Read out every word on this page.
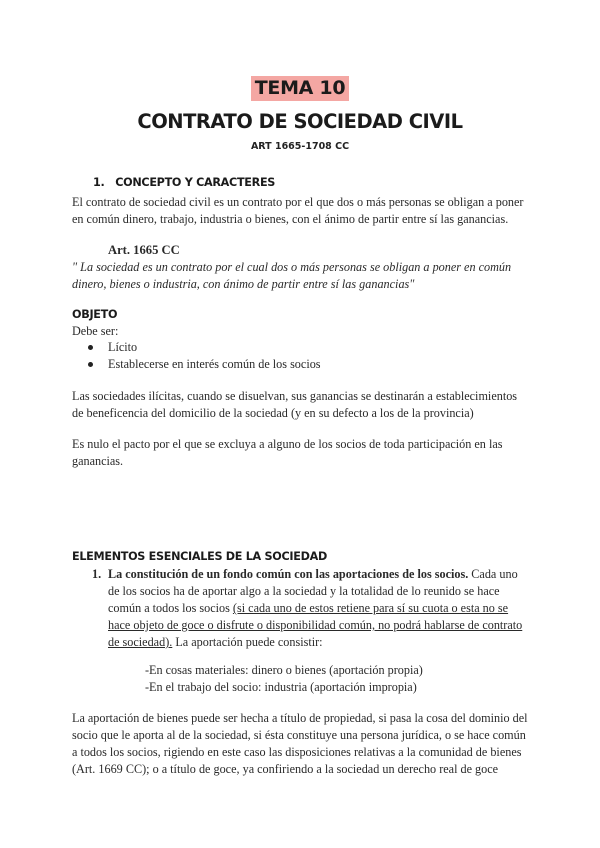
TEMA 10
CONTRATO DE SOCIEDAD CIVIL
ART 1665-1708 CC
1. CONCEPTO Y CARACTERES
El contrato de sociedad civil es un contrato por el que dos o más personas se obligan a poner
en común dinero, trabajo, industria o bienes, con el ánimo de partir entre sí las ganancias.
Art. 1665 CC
" La sociedad es un contrato por el cual dos o más personas se obligan a poner en común
dinero, bienes o industria, con ánimo de partir entre sí las ganancias"
OBJETO
Debe ser:
Lícito
Establecerse en interés común de los socios
Las sociedades ilícitas, cuando se disuelvan, sus ganancias se destinarán a establecimientos
de beneficencia del domicilio de la sociedad (y en su defecto a los de la provincia)
Es nulo el pacto por el que se excluya a alguno de los socios de toda participación en las
ganancias.
ELEMENTOS ESENCIALES DE LA SOCIEDAD
1. La constitución de un fondo común con las aportaciones de los socios. Cada uno
de los socios ha de aportar algo a la sociedad y la totalidad de lo reunido se hace
común a todos los socios (si cada uno de estos retiene para sí su cuota o esta no se
hace objeto de goce o disfrute o disponibilidad común, no podrá hablarse de contrato
de sociedad). La aportación puede consistir:
-En cosas materiales: dinero o bienes (aportación propia)
-En el trabajo del socio: industria (aportación impropia)
La aportación de bienes puede ser hecha a título de propiedad, si pasa la cosa del dominio del
socio que le aporta al de la sociedad, si ésta constituye una persona jurídica, o se hace común
a todos los socios, rigiendo en este caso las disposiciones relativas a la comunidad de bienes
(Art. 1669 CC); o a título de goce, ya confiriendo a la sociedad un derecho real de goce
